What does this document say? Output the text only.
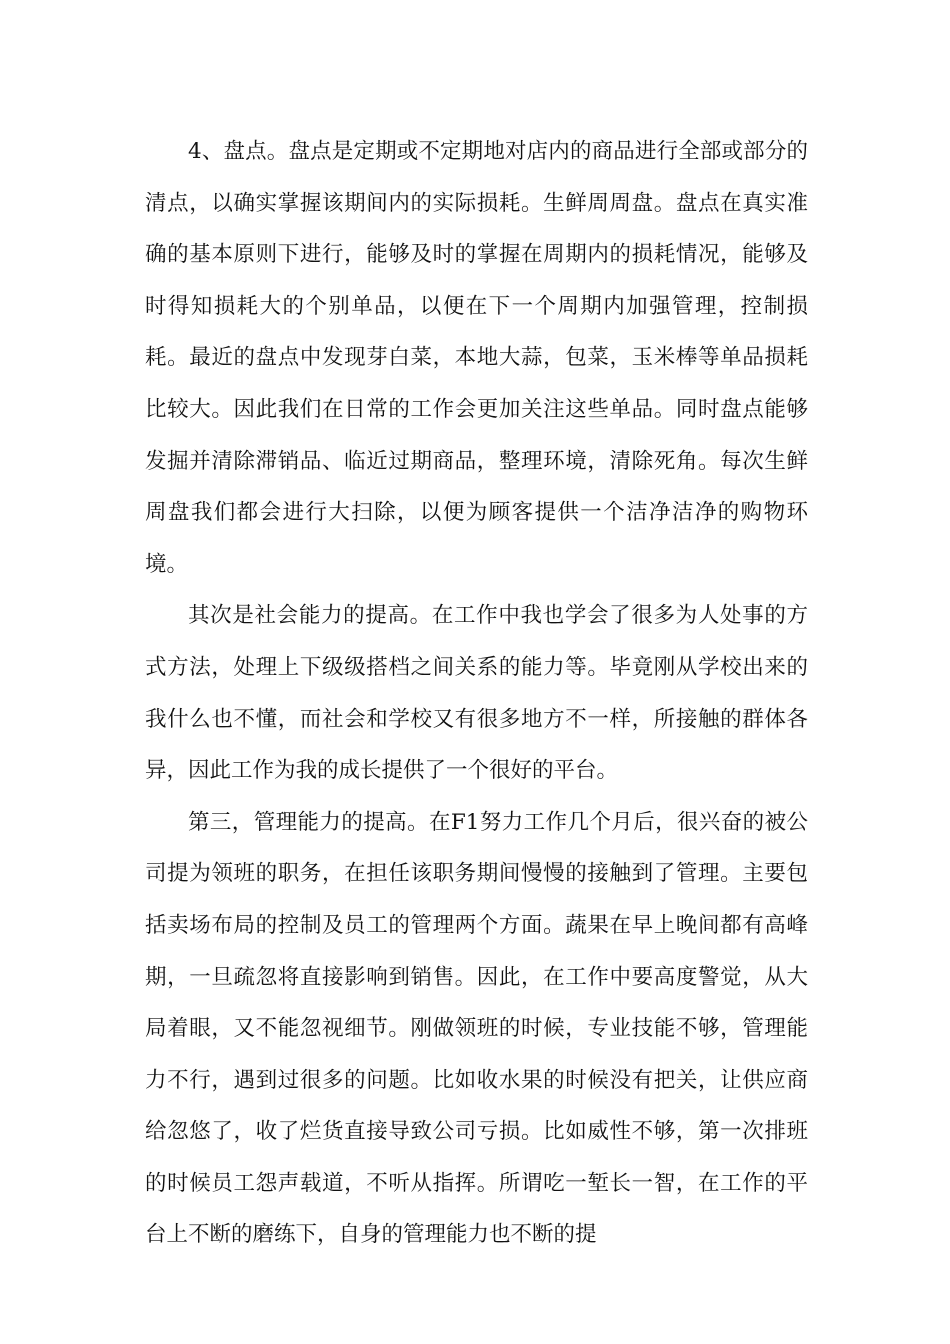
4、盘点。盘点是定期或不定期地对店内的商品进行全部或部分的清点，以确实掌握该期间内的实际损耗。生鲜周周盘。盘点在真实准确的基本原则下进行，能够及时的掌握在周期内的损耗情况，能够及时得知损耗大的个别单品，以便在下一个周期内加强管理，控制损耗。最近的盘点中发现芽白菜，本地大蒜，包菜，玉米棒等单品损耗比较大。因此我们在日常的工作会更加关注这些单品。同时盘点能够发掘并清除滞销品、临近过期商品，整理环境，清除死角。每次生鲜周盘我们都会进行大扫除，以便为顾客提供一个洁净洁净的购物环境。

其次是社会能力的提高。在工作中我也学会了很多为人处事的方式方法，处理上下级级搭档之间关系的能力等。毕竟刚从学校出来的我什么也不懂，而社会和学校又有很多地方不一样，所接触的群体各异，因此工作为我的成长提供了一个很好的平台。

第三，管理能力的提高。在F1努力工作几个月后，很兴奋的被公司提为领班的职务，在担任该职务期间慢慢的接触到了管理。主要包括卖场布局的控制及员工的管理两个方面。蔬果在早上晚间都有高峰期，一旦疏忽将直接影响到销售。因此，在工作中要高度警觉，从大局着眼，又不能忽视细节。刚做领班的时候，专业技能不够，管理能力不行，遇到过很多的问题。比如收水果的时候没有把关，让供应商给忽悠了，收了烂货直接导致公司亏损。比如威性不够，第一次排班的时候员工怨声载道，不听从指挥。所谓吃一堑长一智，在工作的平台上不断的磨练下，自身的管理能力也不断的提
